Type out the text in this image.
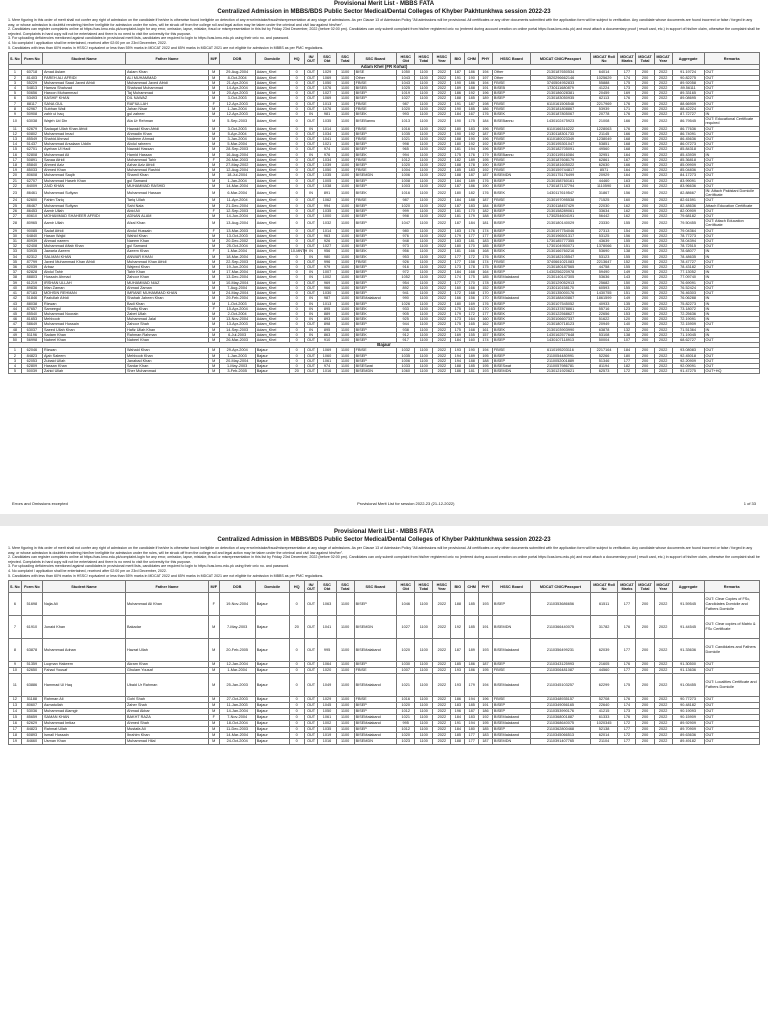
Provisional Merit List - MBBS FATA
Centralized Admission in MBBS/BDS Public Sector Medical/Dental Colleges of Khyber Pakhtunkhwa session 2022-23

1. Mere figuring in this order of merit shall not confer any right of admission on the candidate if he/she is otherwise found ineligible on detection of any error/mistake/fraud/misrepresentation at any stage of admissions. As per Clause 13 of Admission Policy "All admissions will be provisional. All certificates or any other documents submitted with the application form will be subject to verification. Any candidate whose documents are found incorrect or false / forged in any way, or whose admission is doubtful rendering him/her ineligible for admission under the rules, will be struck off from the college roll and legal action may be taken under the criminal and civil law against him/her".

2. Candidates can register complaints online at https://cas.kmu.edu.pk/complaint-login for any error, omission, lapse, mistake, fraud or misrepresentation in this list by Friday 23rd December, 2022 (before 02:00 pm). Candidates can only submit complaint from his/her registered cnic no (entered during account creation on online portal https://cas.kmu.edu.pk) and must attach a documentary proof ( result card, etc.) in support of his/her claim, otherwise the complaint shall be rejected. Complaints in hard copy will not be entertained and there is no need to visit the university for this purpose.

3. For uploading deficiencies mentioned against candidates in provisional merit lists, candidates are required to login to https://cas.kmu.edu.pk using their cnic no. and password.

4. No complaint / application shall be entertained, received after 02:00 pm on 23rd December, 2022.

5. Candidates with less than 60% marks in HSSC/ equivalent or less than 55% marks in MDCAT 2022 and 65% marks in MDCAT 2021 are not eligible for admission in MBBS as per PMC regulations.

S. No	Form No	Student Name	Father Name	M/F	DOB	Domicile	HQ	IN/ OUT	SSC Obt	SSC Total	SSC Board	HSSC Obt	HSSC Total	HSSC Year	BIO	CHM	PHY	HSSC Board	MDCAT CNIC/Passport	MDCAT Roll No	MDCAT Marks	MDCAT Total	MDCAT Year	Aggregate	Remarks
Adam Khel (FR Kohat)																									
1	60718	Amad Aslam	Aslam Khan	M	29-Aug-2004	Adam_Khel	0	OUT	1029	1100	BISE	1050	1100	2022	187	186	194	Other	2130187650534	64014	177	200	2022	91.19724	OUT
2	81403	FAREH ALI AFRIDI	ALI MUHAMMAD	M	8-Oct-2004	Adam_Khel	0	OUT	1069	1100	Other	1043	1100	2022	191	190	197	Other	3520296662146	1025629	174	200	2022	90.82275	OUT
3	55229	Muhammad Saad Javed Afridi	Muhammad Javed Afridi	M	21-Apr-2004	Adam_Khel	0	OUT	1050	1100	FBISE	1043	1100	2022	190	186	194	FBISE	3740504952833	55888	175	200	2022	89.92058	OUT
4	54813	Hamza Shahzad	Shahzad Muhammad	M	14-Apr-2004	Adam_Khel	0	OUT	1076	1100	BISEB	1025	1100	2022	189	188	191	BISEB	1730111680879	41224	173	200	2022	89.56111	OUT
5	50656	Haroon Muhammad	Taj Muhammad	M	20-Apr-2003	Adam_Khel	0	OUT	1027	1100	BISEP	1019	1100	2022	186	192	196	BISEP	2130186028381	20459	169	200	2022	89.33165	OUT
6	53493	KASHIF KHAN	DIL NAWAZ	M	3-Oct-2003	Adam_Khel	0	OUT	1069	1100	BISEP	1027	1100	2022	188	185	189	BISEP	2130183050935	62113	176	200	2022	89.08695	OUT
7	88117	SANA GUL	RAFIULLAH	F	12-Apr-2003	Adam_Khel	0	OUT	1013	1100	FBISE	987	1100	2022	191	187	198	FBISE	6110161506548	2217969	176	200	2022	88.66909	OUT
8	62967	Subhan Wali	Jahan Nisar	M	1-Jan-2004	Adam_Khel	0	OUT	1076	1100	FBISE	1020	1100	2022	190	185	186	FBISE	2130181808867	53939	171	200	2022	88.42224	OUT
9	50908	zahir ul haq	gul zaheer	M	12-Apr-2003	Adam_Khel	0	IN	981	1100	BISEK	993	1100	2022	184	167	176	BISEK	2130187805067	20778	176	200	2022	87.72727	IN
10	63038	Wajeh Ud Din	Ata Ur Rehman	M	5-Sep-2003	Adam_Khel	0	OUT	1035	1100	BISEBannu	1013	1100	2022	190	175	184	BISEBannu	1430102475923	21008	166	200	2022	86.79545	OUT: Educational Certificate required
11	62679	Sadaqat Ullah Khan Afridi	Hawaid Khan Afridi	M	3-Oct-2003	Adam_Khel	0	IN	1014	1100	FBISE	1016	1100	2022	180	183	196	FBISE	6110166316222	1228063	176	200	2022	86.77636	OUT
12	60802	Muhammad Imad	Ahmadin Khan	M	5-Apr-2004	Adam_Khel	0	OUT	1034	1100	BISEP	1035	1100	2022	190	192	187	BISEP	2130118301733	21145	166	200	2022	86.74091	OUT
13	85549	Shahid Ahmad	Nadeem Ahmad	M	3-Jan-2004	Adam_Khel	0	OUT	1041	1100	FBISE	1021	1100	2022	188	190	196	FBISE	6110180023349	1238049	168	200	2022	86.45636	OUT
14	51437	Muhammad Arsalaan Uddin	Abdul raheem	M	5-Mar-2004	Adam_Khel	0	OUT	1021	1100	BISEP	998	1100	2022	180	192	192	BISEP	2130195301047	53851	168	200	2022	86.07273	OUT
15	62701	Ayeban Ul Hadi	Nawaid Hassan	M	28-Sep-2003	Adam_Khel	0	OUT	974	1100	BISEP	965	1100	2022	181	194	196	BISEP	2130182705091	49560	168	200	2022	85.84318	OUT
16	52808	Muhammad Ali	Hamid Hassan	M	16-Aug-2004	Adam_Khel	0	IN	976	1100	BISEK	994	1100	2022	175	176	179	BISEBannu	2130119516084	32951	164	200	2022	85.43939	IN
17	50891	Sanaa Afridi	Mohammad Tahir	F	26-Mar-2003	Adam_Khel	0	OUT	1034	1100	FBISE	1012	1100	2022	182	189	195	FBISE	2130187608179	62861	167	200	2022	85.36818	OUT
18	85840	Ahmed Aziz	Azhar Aziz Afridi	M	27-May-2002	Adam_Khel	0	OUT	1039	1100	BISEP	1020	1100	2022	188	178	190	BISEP	2130181605022	62630	166	200	2022	85.09909	OUT
19	85033	Ahmed Khan	Muhammad Rashid	M	12-Aug-2004	Adam_Khel	0	OUT	1050	1100	FBISE	1004	1100	2022	185	183	192	FBISE	2130159744817	8571	164	200	2022	85.04836	OUT
20	80608	Muhammad Saqib	Shamil Khan	M	18-Jul-2004	Adam_Khel	0	OUT	1035	1100	BISEMDN	1006	1100	2022	188	187	187	BISEMDN	2130175176499	20929	164	200	2022	84.17273	OUT
21	62707	Muhammad Haseb Khan	gul Samand	M	1-Jan-2004	Adam_Khel	0	OUT	1005	1100	BISEP	1008	1100	2022	184	189	176	BISEP	2130158760161	44460	163	200	2022	83.99091	OUT
22	84009	ZAID KHAN	MUHAMMAD RASHID	M	14-Mar-2004	Adam_Khel	0	OUT	1038	1100	BISEP	1003	1100	2022	187	186	190	BISEP	1730187137794	1110590	163	200	2022	83.96636	OUT
23	86461	Muhammad Sufiyan	Muhammad Hassan	M	6-Mar-2004	Adam_Khel	0	IN	891	1100	BISEK	1016	1100	2022	180	182	176	BISEK	1430117619547	31867	156	200	2022	82.88667	IN: Attach Pakistani Domicile Certificate
24	62600	Fahim Tariq	Tariq Ullah	M	11-Apr-2004	Adam_Khel	0	OUT	1062	1100	FBISE	987	1100	2022	184	188	187	FBISE	2130197095538	71525	160	200	2022	82.61591	OUT
25	86467	Muhammad Sufiyan	Sahi Nala	M	21-Dec-2004	Adam_Khel	0	OUT	994	1100	BISEP	1020	1100	2022	187	183	184	BISEP	2130118457429	22030	162	200	2022	82.48636	Attach Education Certificate
26	86453	Aamir Ullah	Abid Ali	F	12-Sep-2003	Adam_Khel	0	OUT	1035	1100	BISEP	999	1100	2022	181	170	182	BISEP	2130158289061	33634	162	200	2022	82.00909	OUT
27	80610	MOHAMMAD SHAHEER AFRIDI	ADNAN ALAM	M	14-Jun-2004	Adam_Khel	0	OUT	1000	1100	BISEP	998	1100	2022	181	179	188	BISEP	1730254604191	56442	162	200	2022	79.68182	OUT
28	80965	Aamir Ullah	Afzal Khan	M	13-Aug-2004	Adam_Khel	0	OUT	1032	1100	BISEP	1047	1100	2022	187	184	181	BISEP	2130180140029	23330	155	200	2022	79.50455	OUT: Attach Education Certificate
29	90085	Sadaf Afridi	Abdul Hussain	F	13-Mar-2003	Adam_Khel	0	OUT	1014	1100	BISEP	980	1100	2022	183	176	174	BISEP	2130197754046	27313	154	200	2022	79.04364	OUT
30	64840	Hasan Wajid	Wahid Khan	M	13-Oct-2003	Adam_Khel	0	OUT	963	1100	BISEP	976	1100	2022	179	177	177	BISEP	2130196501317	53125	156	200	2022	78.77273	OUT
31	80939	Ahmad naeem	Naeem Khan	M	20-Dec-2002	Adam_Khel	0	OUT	926	1100	BISEP	948	1100	2022	183	181	183	BISEP	1730185777355	43639	155	200	2022	78.04394	OUT
32	62408	Muhammad Aftab Khan	gul Samand	M	25-Oct-2004	Adam_Khel	0	OUT	1027	1100	BISEP	973	1100	2022	180	170	185	BISEP	1730104950071	1378066	151	200	2022	78.72515	OUT
33	53935	Jawaria Azeem	Azeem Khan	F	1-Mar-2004	Adam_Khel	10-MNTH	IN	956	1100	BISEK	956	1100	2022	181	166	168	BISEK	2130166760216	53690	138	200	2022	78.68077	IN
34	82312	SALMAN KHAN	ANWAR KHAN	M	18-Mar-2004	Adam_Khel	0	IN	980	1100	BISEK	953	1100	2022	177	172	176	BISEK	2130182105547	53123	155	200	2022	78.48635	IN
35	87799	Javed Muhammad Khan Afridi	Muhammad Khan Afridi	M	22-Sep-2003	Adam_Khel	0	OUT	996	1100	FBISE	926	1100	2022	177	158	174	FBISE	3740661021083	2213647	152	200	2022	78.47727	OUT
36	82039	Arbaz	Wajeed Khan	M	19-Jun-2004	Adam_Khel	0	OUT	979	1100	BISEP	916	1100	2022	173	178	175	BISEP	2130180187565	44758	155	200	2022	78.43182	OUT
37	62828	Abdul Tahir	Tahir Khan	M	17-Mar-2004	Adam_Khel	0	IN	1007	1100	BISEP	972	1100	2022	184	168	164	BISEP	1430256220978	59490	149	200	2022	77.13052	IN
38	88803	Hussain Ahmad	Zahoor Khan	M	13-Dec-2004	Adam_Khel	0	IN	1002	1100	BISEP	1052	1100	2022	174	175	185	BISEMalakand	2130140147305	53636	143	200	2022	77.09740	IN
39	61219	IRSHAN ULLAH	MUHAMMAD NIAZ	M	10-May-2004	Adam_Khel	0	OUT	969	1100	BISEP	954	1100	2022	177	170	178	BISEP	2130129052913	25682	150	200	2022	76.69091	OUT
40	89836	Irfan Zaman	Ahmad Zaman	M	7-Aug-2004	Adam_Khel	0	OUT	966	1100	BISEP	892	1100	2022	160	166	152	BISEP	2130110158170	60593	155	200	2022	76.52424	OUT
41	87183	MOHSIN REHMAN	IMRANE MUHAMMAD KHAN	M	24-May-2004	Adam_Khel	0	OUT	1030	1100	BISEP	941	1100	2022	172	168	170	BISEP	2130135000176	1430755	151	200	2022	76.46303	OUT
42	51846	Fazlullah Afridi	Shahab Jaheen Khan	M	29-Feb-2004	Adam_Khel	0	IN	987	1100	BISEMalakand	990	1100	2022	166	156	170	BISEMalakand	2130188400867	1861599	149	200	2022	76.06288	IN
43	88038	Rizwan	Badi Khan	M	1-Oct-2003	Adam_Khel	0	IN	1013	1100	BISEP	1026	1100	2022	180	169	176	BISEP	2130107545052	40933	135	200	2022	75.82273	IN
44	87657	Sameegul	Shafiq Khan	F	15-Apr-2004	Adam_Khel	0	IN	895	1100	BISEK	933	1100	2022	175	163	170	BISEK	2130137878861	55716	123	200	2022	73.18072	IN
45	85540	Muhammad Noorain	Zabet Ullah	M	2-Oct-2004	Adam_Khel	0	IN	889	1100	BISEK	905	1100	2022	179	172	177	BISEK	2130122568627	22656	153	200	2022	72.25636	IN
46	81653	Mehboob	Muhammad Jalal	M	13-Nov-2004	Adam_Khel	0	IN	893	1100	BISEK	925	1100	2022	173	164	160	BISEK	2130106607337	51622	120	200	2022	72.19091	IN
47	58649	Muhammad Hussain	Zahoor Shah	M	13-Apr-2003	Adam_Khel	0	OUT	898	1100	BISEP	944	1100	2022	175	165	162	BISEP	2130180718123	20949	140	200	2022	72.15909	OUT
48	63037	Saeed Ullah Khan	Hafiz Ullah Khan	M	14-Sep-2003	Adam_Khel	0	IN	895	1100	BISEP	938	1100	2022	175	168	161	BISEK	2130103903990	63878	132	200	2022	71.51364	IN
49	51196	Sadam Khan	Rahman Rahman	M	6-Jul-2003	Adam_Khel	0	IN	863	1100	BISEK	912	1100	2022	169	155	157	BISEK	1430162577648	53108	138	200	2022	71.19045	IN
50	56998	Nabeel Khan	Nabeel Khan	M	26-Mar-2003	Adam_Khel	0	OUT	910	1100	BISEP	917	1100	2022	184	160	174	BISEP	1430107118913	50004	107	200	2022	68.62727	OUT
Bajaur																									
1	62046	Rizwan	Wahaid Khan	M	29-Apr-2004	Bajaur	0	OUT	1069	1100	FBISE	1032	1100	2022	193	190	194	FBISE	6110195203116	2217164	184	200	2022	93.08083	OUT
2	84823	Ajab Saleem	Mehboob Khan	M	1-Jan-2003	Bajaur	0	OUT	1060	1100	BISEP	1035	1100	2022	194	189	195	BISEP	2110054480991	52266	180	200	2022	92.45018	OUT
3	62053	Zubaid Ullah	Janabad Khan	M	20-May-2004	Bajaur	0	OUT	1061	1100	BISEP	1006	1100	2022	194	188	188	BISEP	2110052001889	51346	177	200	2022	92.20909	OUT
4	62809	Hassan Khan	Sardar Khan	M	1-May-2003	Bajaur	0	OUT	974	1100	BISESwat	1033	1100	2022	188	185	195	BISESwat	2110057986781	81194	182	200	2022	92.09091	OUT
5	50039	Zahid Ullah	Sher Muhammad	M	3-Feb-2005	Bajaur	20	OUT	1016	1100	BISEMDN	1060	1100	2022	186	181	193	BISEMDN	2130121920621	62573	172	200	2022	91.47275	OUT+HQ
Errors and Omissions excepted	Provisional Merit List for session 2022-23 (21-12-2022)	1 of 33
Provisional Merit List - MBBS FATA
Centralized Admission in MBBS/BDS Public Sector Medical/Dental Colleges of Khyber Pakhtunkhwa session 2022-23

1. Mere figuring in this order of merit shall not confer any right of admission on the candidate if he/she is otherwise found ineligible on detection of any error/mistake/fraud/misrepresentation at any stage of admissions. As per Clause 13 of Admission Policy "All admissions will be provisional. All certificates or any other documents submitted with the application form will be subject to verification. Any candidate whose documents are found incorrect or false / forged in any way, or whose admission is doubtful rendering him/her ineligible for admission under the rules, will be struck off from the college roll and legal action may be taken under the criminal and civil law against him/her".

2. Candidates can register complaints online at https://cas.kmu.edu.pk/complaint-login for any error, omission, lapse, mistake, fraud or misrepresentation in this list by Friday 23rd December, 2022 (before 02:00 pm). Candidates can only submit complaint from his/her registered cnic no (entered during account creation on online portal https://cas.kmu.edu.pk) and must attach a documentary proof ( result card, etc.) in support of his/her claim, otherwise the complaint shall be rejected. Complaints in hard copy will not be entertained and there is no need to visit the university for this purpose.

3. For uploading deficiencies mentioned against candidates in provisional merit lists, candidates are required to login to https://cas.kmu.edu.pk using their cnic no. and password.

4. No complaint / application shall be entertained, received after 02:00 pm on 23rd December, 2022.

5. Candidates with less than 60% marks in HSSC/ equivalent or less than 55% marks in MDCAT 2022 and 65% marks in MDCAT 2021 are not eligible for admission in MBBS as per PMC regulations.

S. No	Form No	Student Name	Father Name	M/F	DOB	Domicile	HQ	IN/ OUT	SSC Obt	SSC Total	SSC Board	HSSC Obt	HSSC Total	HSSC Year	BIO	CHM	PHY	HSSC Board	MDCAT CNIC/Passport	MDCAT Roll No	MDCAT Marks	MDCAT Total	MDCAT Year	Aggregate	Remarks
6	51698	Najia Ali	Muhammad Ali Khan	F	19-Nov-2004	Bajaur	0	OUT	1063	1100	BISEP	1046	1100	2022	188	185	193	BISEP	2110353686656	61511	177	200	2022	91.59545	OUT: Clear Copies of FSc, Candidates Domicile and Fathers Domicile
7	61910	Junaid Khan	Bakadar	M	7-May-2003	Bajaur	20	OUT	1041	1100	BISEMDN	1027	1100	2022	192	185	191	BISEMDN	2110366440075	31782	176	200	2022	91.44545	OUT: Clear copies of Matric & FSc Certificate
8	63878	Muhammad Adnan	Hazrat Ullah	M	20-Feb-2005	Bajaur	0	OUT	995	1100	BISEMalakand	1020	1100	2022	187	189	193	BISEMalakand	2110356499231	62039	177	200	2022	91.33636	OUT: Candidates and Fathers Domicile
9	51359	Luqman Hakeem	Akram Khan	M	12-Jan-2004	Bajaur	0	OUT	1064	1100	BISEP	1030	1100	2022	185	186	187	BISEP	2110343125993	21605	176	200	2022	91.30500	OUT
10	62650	Fahad Yousaf	Ghulam Yousaf	M	1-Mar-2004	Bajaur	0	OUT	1020	1100	FBISE	1007	1100	2022	193	186	195	FBISE	2110306481087	44560	177	200	2022	91.13636	OUT
11	63886	Hammad Ul Haq	Ubaid Ur Rahman	M	25-Jan-2003	Bajaur	0	OUT	1049	1100	BISEMalakand	1021	1100	2022	193	179	194	BISEMalakand	2110345103257	62299	175	200	2022	91.05455	OUT: Localities Certificate and Fathers Domicile
12	51188	Rahman Ali	Gohi Shah	M	27-Oct-2003	Bajaur	0	OUT	1029	1100	FBISE	1016	1100	2022	186	194	196	FBISE	2110348935157	52708	176	200	2022	90.77273	OUT
13	80607	Asmatullah	Zaher Shah	M	11-Jan-2003	Bajaur	0	OUT	1045	1100	BISEP	1020	1100	2022	183	185	191	BISEP	2110349056165	22640	174	200	2022	90.48182	OUT
14	53036	Muhammad Alamgir	Ahmad Akbar	M	14-Jan-2004	Bajaur	0	OUT	1050	1100	BISEP	1012	1100	2022	196	187	186	BISEP	2110353990176	41215	173	200	2022	90.19093	OUT
15	85659	SAMAN KHAN	BAKHT RAZA	F	7-Nov-2004	Bajaur	0	OUT	1061	1100	BISEMalakand	1021	1100	2022	184	183	192	BISEMalakand	2110368001887	61333	176	200	2022	90.15909	OUT
16	62629	Muhammad Imtiaz	Ahmed Shah	M	18-Oct-2004	Bajaur	0	OUT	1002	1100	BISEMalakand	995	1100	2022	191	194	195	BISEMalakand	2110368640075	1020345	172	200	2022	89.92909	OUT
17	84823	Rahmat Ullah	Mustafa Ali	M	11-Dec-2003	Bajaur	0	OUT	1035	1100	BISEP	1012	1100	2022	184	180	185	BISEP	2110362800468	52138	177	200	2022	89.70909	OUT
18	60893	Ismail Hussain	Ibrahim Khan	M	14-Mar-2004	Bajaur	0	OUT	1019	1100	BISEMalakand	1020	1100	2022	185	177	183	BISEMalakand	2110345066513	62014	172	200	2022	89.63636	OUT
19	84660	Usman Khan	Muhammad Hilal	M	24-Oct-2004	Bajaur	0	OUT	1016	1100	BISEMDN	1023	1100	2022	188	177	187	BISEMDN	2110391407765	21104	177	200	2022	89.49182	OUT
